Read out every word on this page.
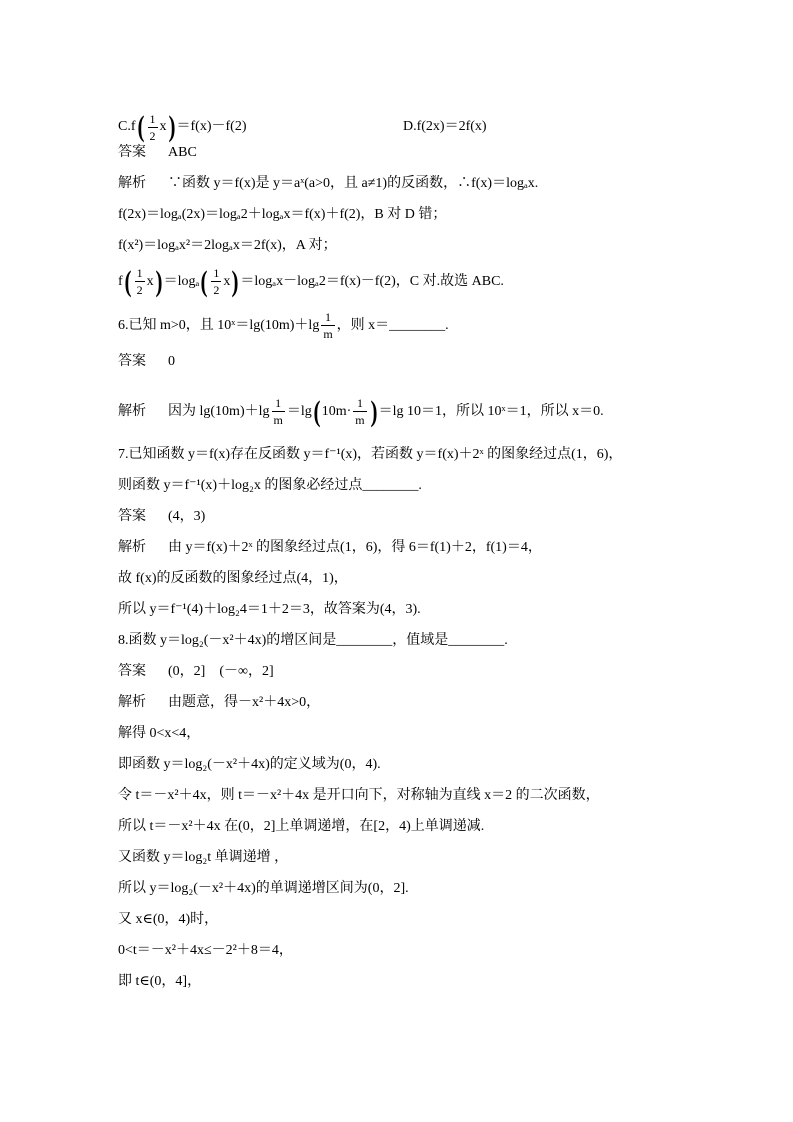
$C.f( \frac{1}{2} x) =f(x)-f(2)$	D.f(2x)＝2f(x)
答案 ABC
解析 ∵函数 y＝f(x)是 y＝aˣ(a>0，且 a≠1)的反函数，∴f(x)＝logₐx.
f(2x)＝logₐ(2x)＝logₐ2＋logₐx＝f(x)＋f(2)，B 对 D 错；
f(x²)＝logₐx²＝2logₐx＝2f(x)，A 对；
$f( \frac{1}{2} x) =\log_a( \frac{1}{2} x) =\log_ax-\log_a2=f(x)-f(2)$，C 对.故选 ABC.
6.已知 m>0，且 10ˣ＝lg(10m)＋lg $\frac{1}{m}$ ，则 x＝________.
答案 0
解析 因为 $\lg(10m)+\lg \frac{1}{m} =\lg$( $10m\cdot \frac{1}{m}$ ) ＝lg 10＝1，所以 10ˣ＝1，所以 x＝0.
7.已知函数 y＝f(x)存在反函数 y＝f⁻¹(x)，若函数 y＝f(x)＋2ˣ 的图象经过点(1，6)，
则函数 y＝f⁻¹(x)＋log₂x 的图象必经过点________.
答案 (4，3)
解析 由 y＝f(x)＋2ˣ 的图象经过点(1，6)，得 6＝f(1)＋2，f(1)＝4，
故 f(x)的反函数的图象经过点(4，1)，
所以 y＝f⁻¹(4)＋log₂4＝1＋2＝3，故答案为(4，3).
8.函数 y＝log₂(－x²＋4x)的增区间是________，值域是________.
答案 (0，2]　(－∞，2]
解析 由题意，得－x²＋4x>0，
解得 0<x<4，
即函数 y＝log₂(－x²＋4x)的定义域为(0，4).
令 t＝－x²＋4x，则 t＝－x²＋4x 是开口向下，对称轴为直线 x＝2 的二次函数，
所以 t＝－x²＋4x 在(0，2]上单调递增，在[2，4)上单调递减.
又函数 y＝log₂t 单调递增 ，
所以 y＝log₂(－x²＋4x)的单调递增区间为(0，2].
又 x∈(0，4)时，
0<t＝－x²＋4x≤－2²＋8＝4，
即 t∈(0，4]，
